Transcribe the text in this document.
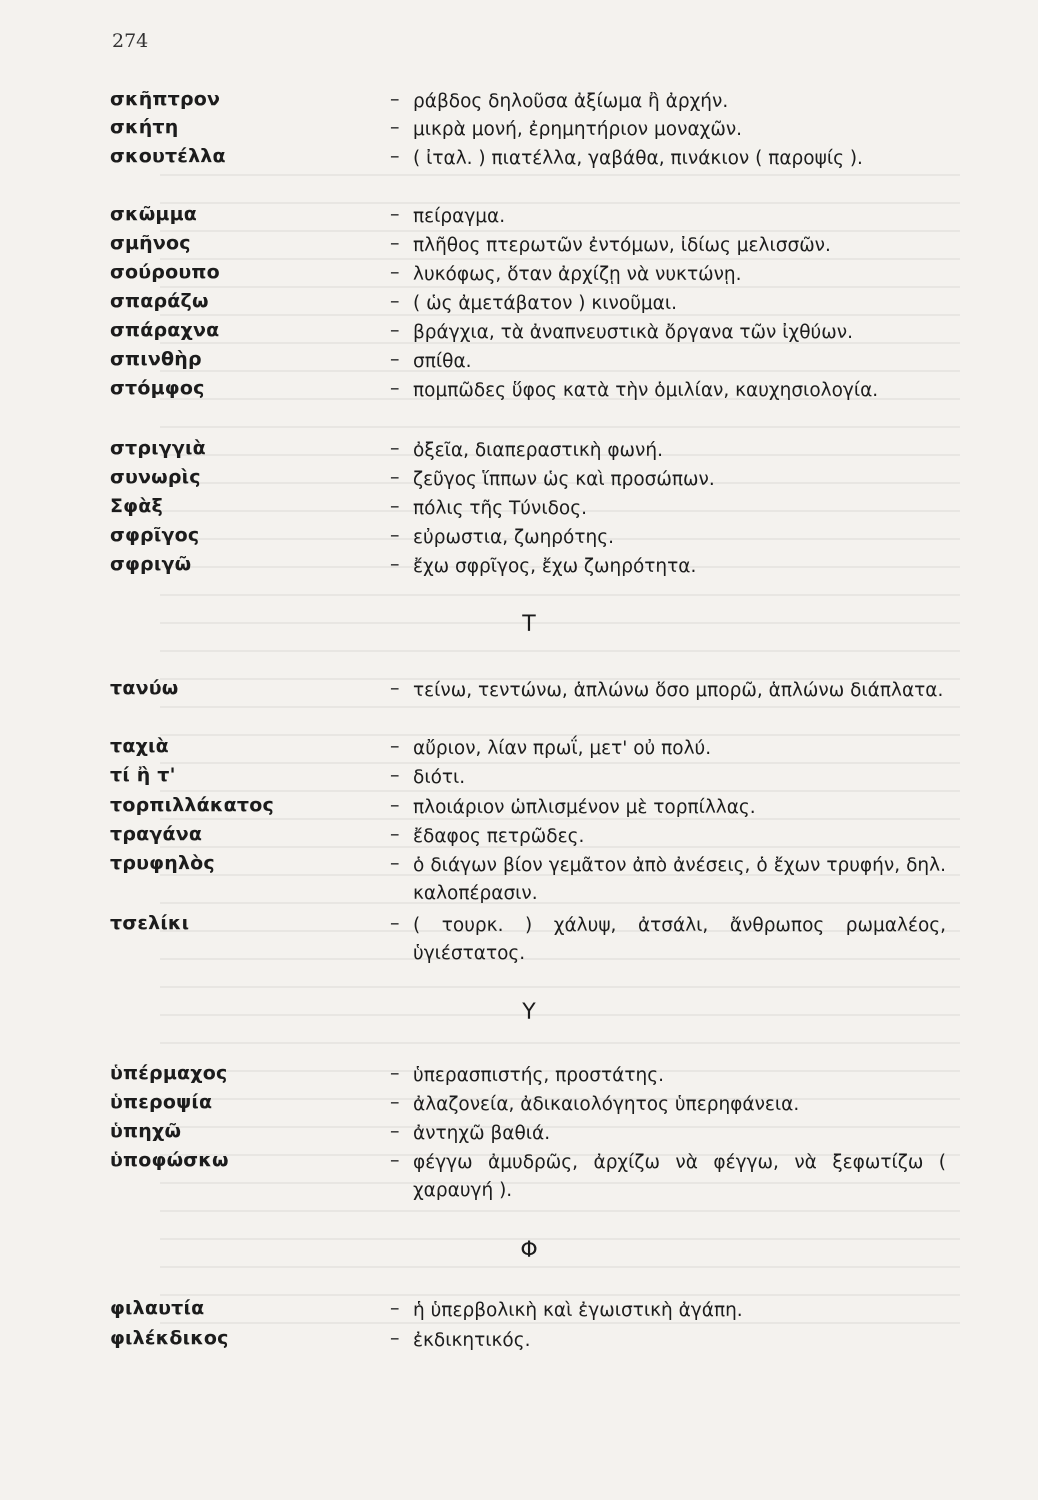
274
σκῆπτρον	– ράβδος δηλοῦσα ἀξίωμα ἢ ἀρχήν.
σκήτη	– μικρὰ μονή, ἐρημητήριον μοναχῶν.
σκουτέλλα	– ( ἰταλ. ) πιατέλλα, γαβάθα, πινάκιον ( παροψίς ).
σκῶμμα	– πείραγμα.
σμῆνος	– πλῆθος πτερωτῶν ἐντόμων, ἰδίως μελισσῶν.
σούρουπο	– λυκόφως, ὅταν ἀρχίζῃ νὰ νυκτώνῃ.
σπαράζω	– ( ὡς ἀμετάβατον ) κινοῦμαι.
σπάραχνα	– βράγχια, τὰ ἀναπνευστικὰ ὄργανα τῶν ἰχθύων.
σπινθὴρ	– σπίθα.
στόμφος	– πομπῶδες ὕφος κατὰ τὴν ὁμιλίαν, καυχησιολογία.
στριγγιὰ	– ὀξεῖα, διαπεραστικὴ φωνή.
συνωρὶς	– ζεῦγος ἵππων ὡς καὶ προσώπων.
Σφὰξ	– πόλις τῆς Τύνιδος.
σφρῖγος	– εὐρωστια, ζωηρότης.
σφριγῶ	– ἔχω σφρῖγος, ἔχω ζωηρότητα.
Τ
τανύω	– τείνω, τεντώνω, ἁπλώνω ὅσο μπορῶ, ἁπλώνω διάπλατα.
ταχιὰ	– αὔριον, λίαν πρωΐ, μετ' οὐ πολύ.
τί ἢ τ'	– διότι.
τορπιλλάκατος	– πλοιάριον ὡπλισμένον μὲ τορπίλλας.
τραγάνα	– ἔδαφος πετρῶδες.
τρυφηλὸς	– ὁ διάγων βίον γεμᾶτον ἀπὸ ἀνέσεις, ὁ ἔχων τρυφήν, δηλ. καλοπέρασιν.
τσελίκι	– ( τουρκ. ) χάλυψ, ἀτσάλι, ἄνθρωπος ρωμαλέος, ὑγιέστατος.
Υ
ὑπέρμαχος	– ὑπερασπιστής, προστάτης.
ὑπεροψία	– ἀλαζονεία, ἀδικαιολόγητος ὑπερηφάνεια.
ὑπηχῶ	– ἀντηχῶ βαθιά.
ὑποφώσκω	– φέγγω ἀμυδρῶς, ἀρχίζω νὰ φέγγω, νὰ ξεφωτίζω ( χαραυγή ).
Φ
φιλαυτία	– ἡ ὑπερβολικὴ καὶ ἐγωιστικὴ ἀγάπη.
φιλέκδικος	– ἐκδικητικός.
